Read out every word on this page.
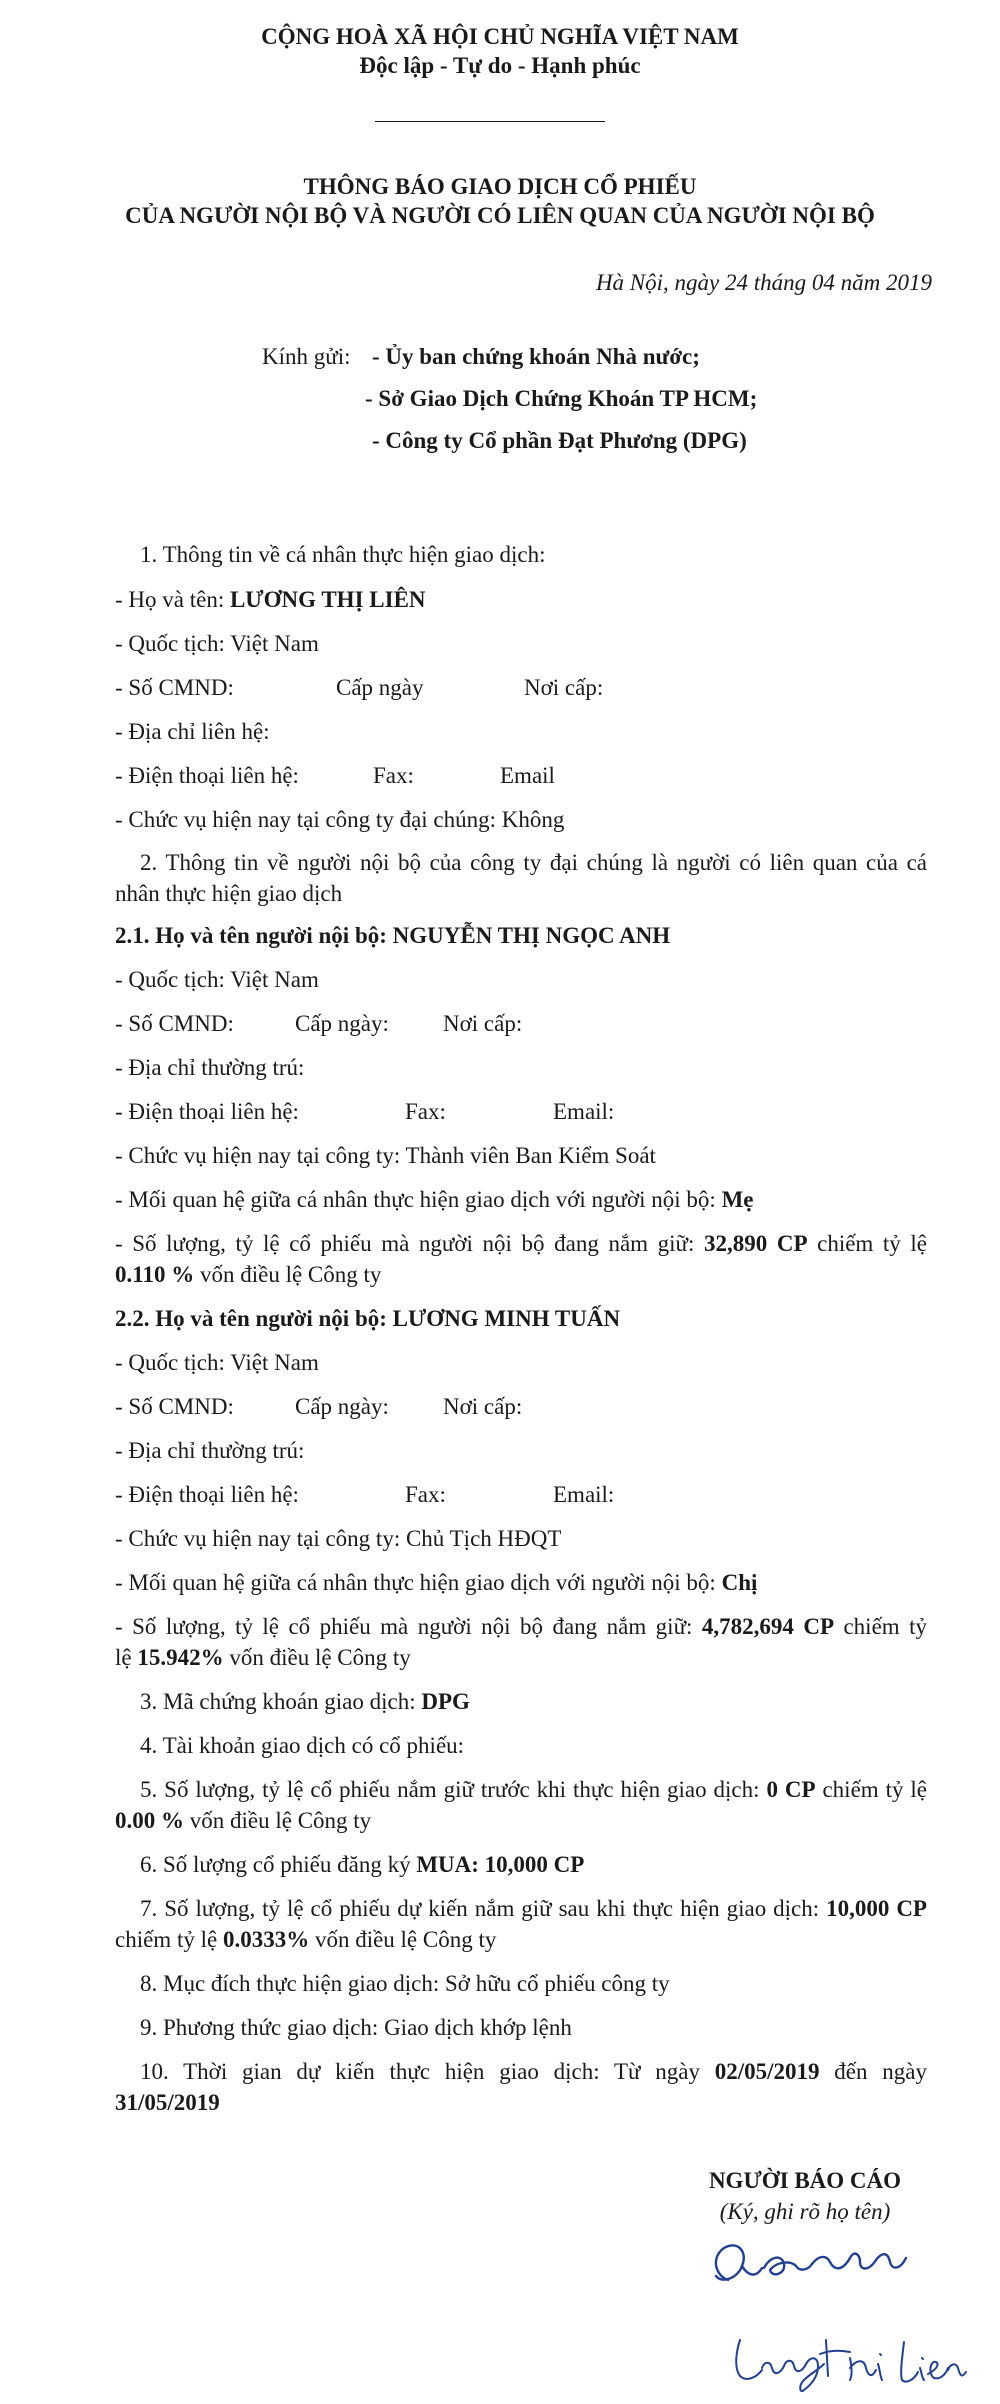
CỘNG HOÀ XÃ HỘI CHỦ NGHĨA VIỆT NAM
Độc lập - Tự do - Hạnh phúc
THÔNG BÁO GIAO DỊCH CỔ PHIẾU
CỦA NGƯỜI NỘI BỘ VÀ NGƯỜI CÓ LIÊN QUAN CỦA NGƯỜI NỘI BỘ
Hà Nội, ngày 24 tháng 04 năm 2019
Kính gửi: - Ủy ban chứng khoán Nhà nước;
- Sở Giao Dịch Chứng Khoán TP HCM;
- Công ty Cổ phần Đạt Phương (DPG)
1. Thông tin về cá nhân thực hiện giao dịch:
- Họ và tên: LƯƠNG THỊ LIÊN
- Quốc tịch: Việt Nam
- Số CMND:	Cấp ngày	Nơi cấp:
- Địa chỉ liên hệ:
- Điện thoại liên hệ:	Fax:	Email
- Chức vụ hiện nay tại công ty đại chúng: Không
2. Thông tin về người nội bộ của công ty đại chúng là người có liên quan của cá
nhân thực hiện giao dịch
2.1. Họ và tên người nội bộ: NGUYỄN THỊ NGỌC ANH
- Quốc tịch: Việt Nam
- Số CMND:	Cấp ngày: Nơi cấp:
- Địa chỉ thường trú:
- Điện thoại liên hệ:	Fax:	Email:
- Chức vụ hiện nay tại công ty: Thành viên Ban Kiểm Soát
- Mối quan hệ giữa cá nhân thực hiện giao dịch với người nội bộ: Mẹ
- Số lượng, tỷ lệ cổ phiếu mà người nội bộ đang nắm giữ: 32,890 CP chiếm tỷ lệ
0.110 % vốn điều lệ Công ty
2.2. Họ và tên người nội bộ: LƯƠNG MINH TUẤN
- Quốc tịch: Việt Nam
- Số CMND:	Cấp ngày: Nơi cấp:
- Địa chỉ thường trú:
- Điện thoại liên hệ:	Fax:	Email:
- Chức vụ hiện nay tại công ty: Chủ Tịch HĐQT
- Mối quan hệ giữa cá nhân thực hiện giao dịch với người nội bộ: Chị
- Số lượng, tỷ lệ cổ phiếu mà người nội bộ đang nắm giữ: 4,782,694 CP chiếm tỷ
lệ 15.942% vốn điều lệ Công ty
3. Mã chứng khoán giao dịch: DPG
4. Tài khoản giao dịch có cổ phiếu:
5. Số lượng, tỷ lệ cổ phiếu nắm giữ trước khi thực hiện giao dịch: 0 CP chiếm tỷ lệ
0.00 % vốn điều lệ Công ty
6. Số lượng cổ phiếu đăng ký MUA: 10,000 CP
7. Số lượng, tỷ lệ cổ phiếu dự kiến nắm giữ sau khi thực hiện giao dịch: 10,000 CP
chiếm tỷ lệ 0.0333% vốn điều lệ Công ty
8. Mục đích thực hiện giao dịch: Sở hữu cổ phiếu công ty
9. Phương thức giao dịch: Giao dịch khớp lệnh
10. Thời gian dự kiến thực hiện giao dịch: Từ ngày 02/05/2019 đến ngày
31/05/2019
NGƯỜI BÁO CÁO
(Ký, ghi rõ họ tên)
